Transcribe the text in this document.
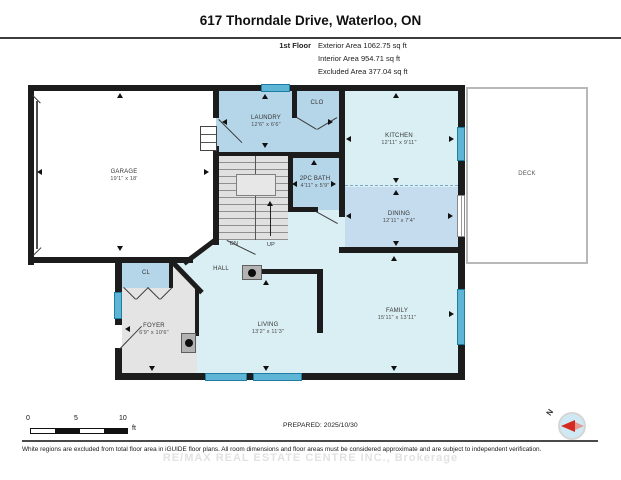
617 Thorndale Drive, Waterloo, ON
1st Floor Exterior Area 1062.75 sq ft
Interior Area 954.71 sq ft
Excluded Area 377.04 sq ft
GARAGE
19'1" x 18'
LAUNDRY
12'6" x 6'6"
CLO
2PC BATH
4'11" x 5'9"
KITCHEN
12'11" x 9'11"
DINING
12'11" x 7'4"
FAMILY
15'11" x 13'11"
LIVING
13'2" x 11'3"
FOYER
6'9" x 10'6"
HALL
CL
DECK
UP
DN
0	5	10
ft	PREPARED: 2025/10/30
N
White regions are excluded from total floor area in iGUIDE floor plans. All room dimensions and floor areas must be considered approximate and are subject to independent verification.
RE/MAX REAL ESTATE CENTRE INC., Brokerage
